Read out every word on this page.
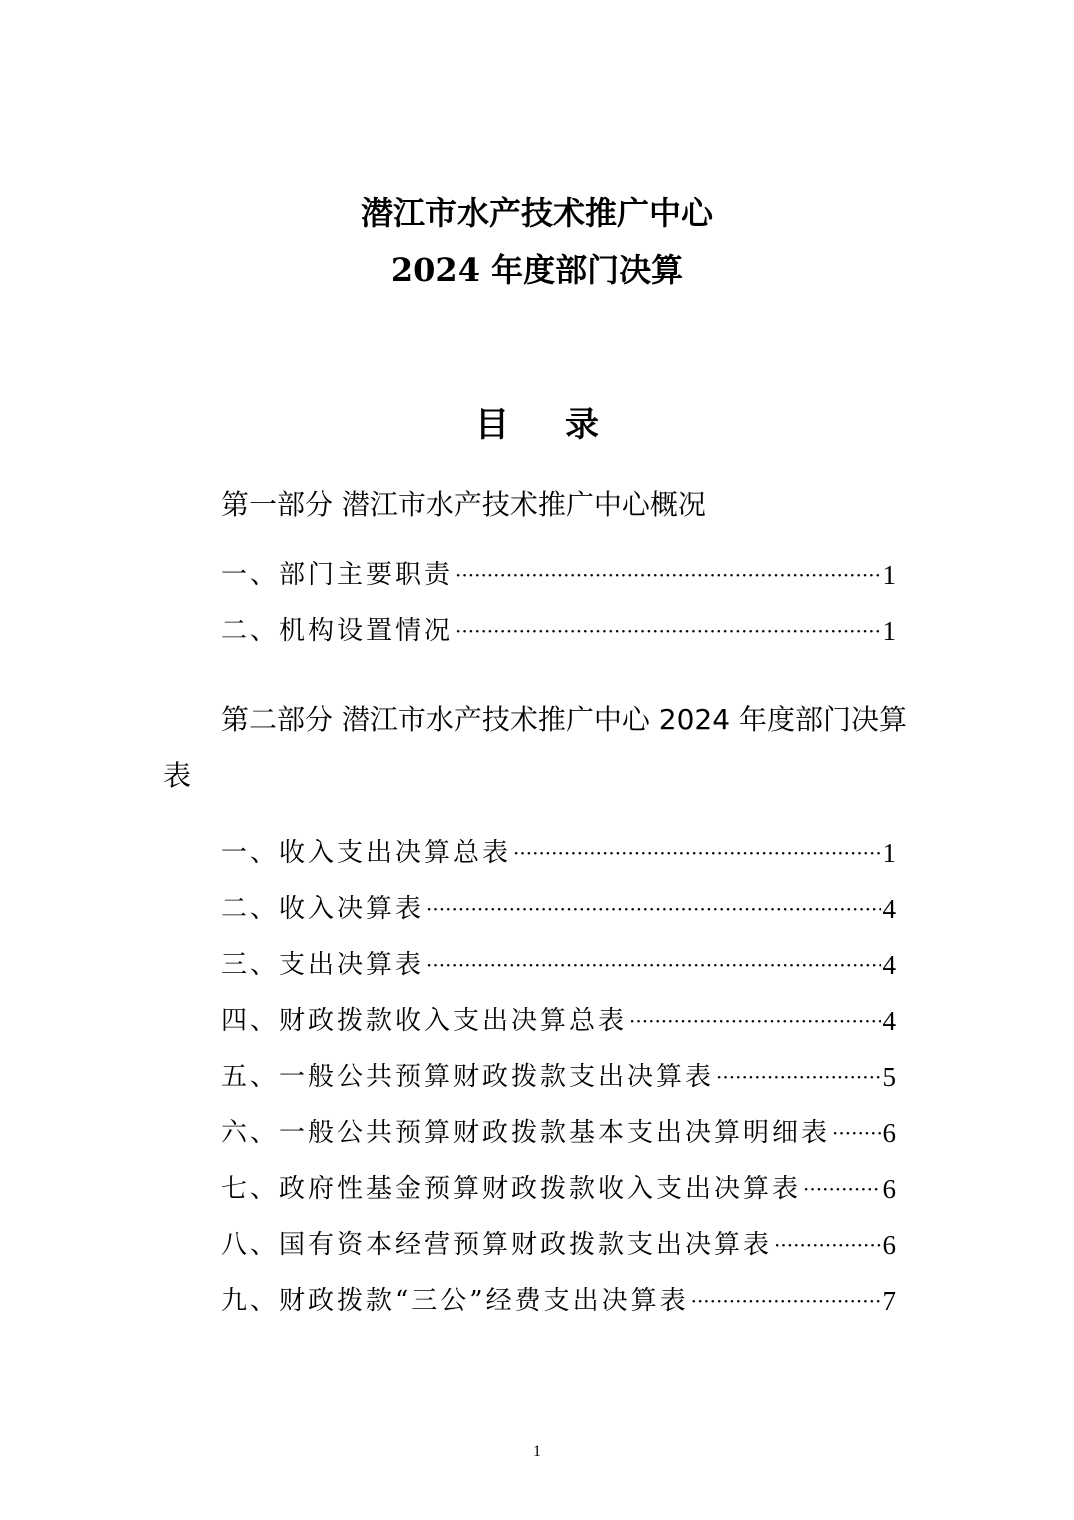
潜江市水产技术推广中心
2024 年度部门决算
目录
第一部分 潜江市水产技术推广中心概况
一、部门主要职责 ·····	1
二、机构设置情况 ·····	1
第二部分 潜江市水产技术推广中心 2024 年度部门决算
表
一、收入支出决算总表 ·····	1
二、收入决算表 ·····	4
三、支出决算表 ·····	4
四、财政拨款收入支出决算总表 ·····	4
五、一般公共预算财政拨款支出决算表 ·····	5
六、一般公共预算财政拨款基本支出决算明细表 ····· 6
七、政府性基金预算财政拨款收入支出决算表 ·····	6
八、国有资本经营预算财政拨款支出决算表 ·····	6
九、财政拨款“三公”经费支出决算表 ·····	7
1
